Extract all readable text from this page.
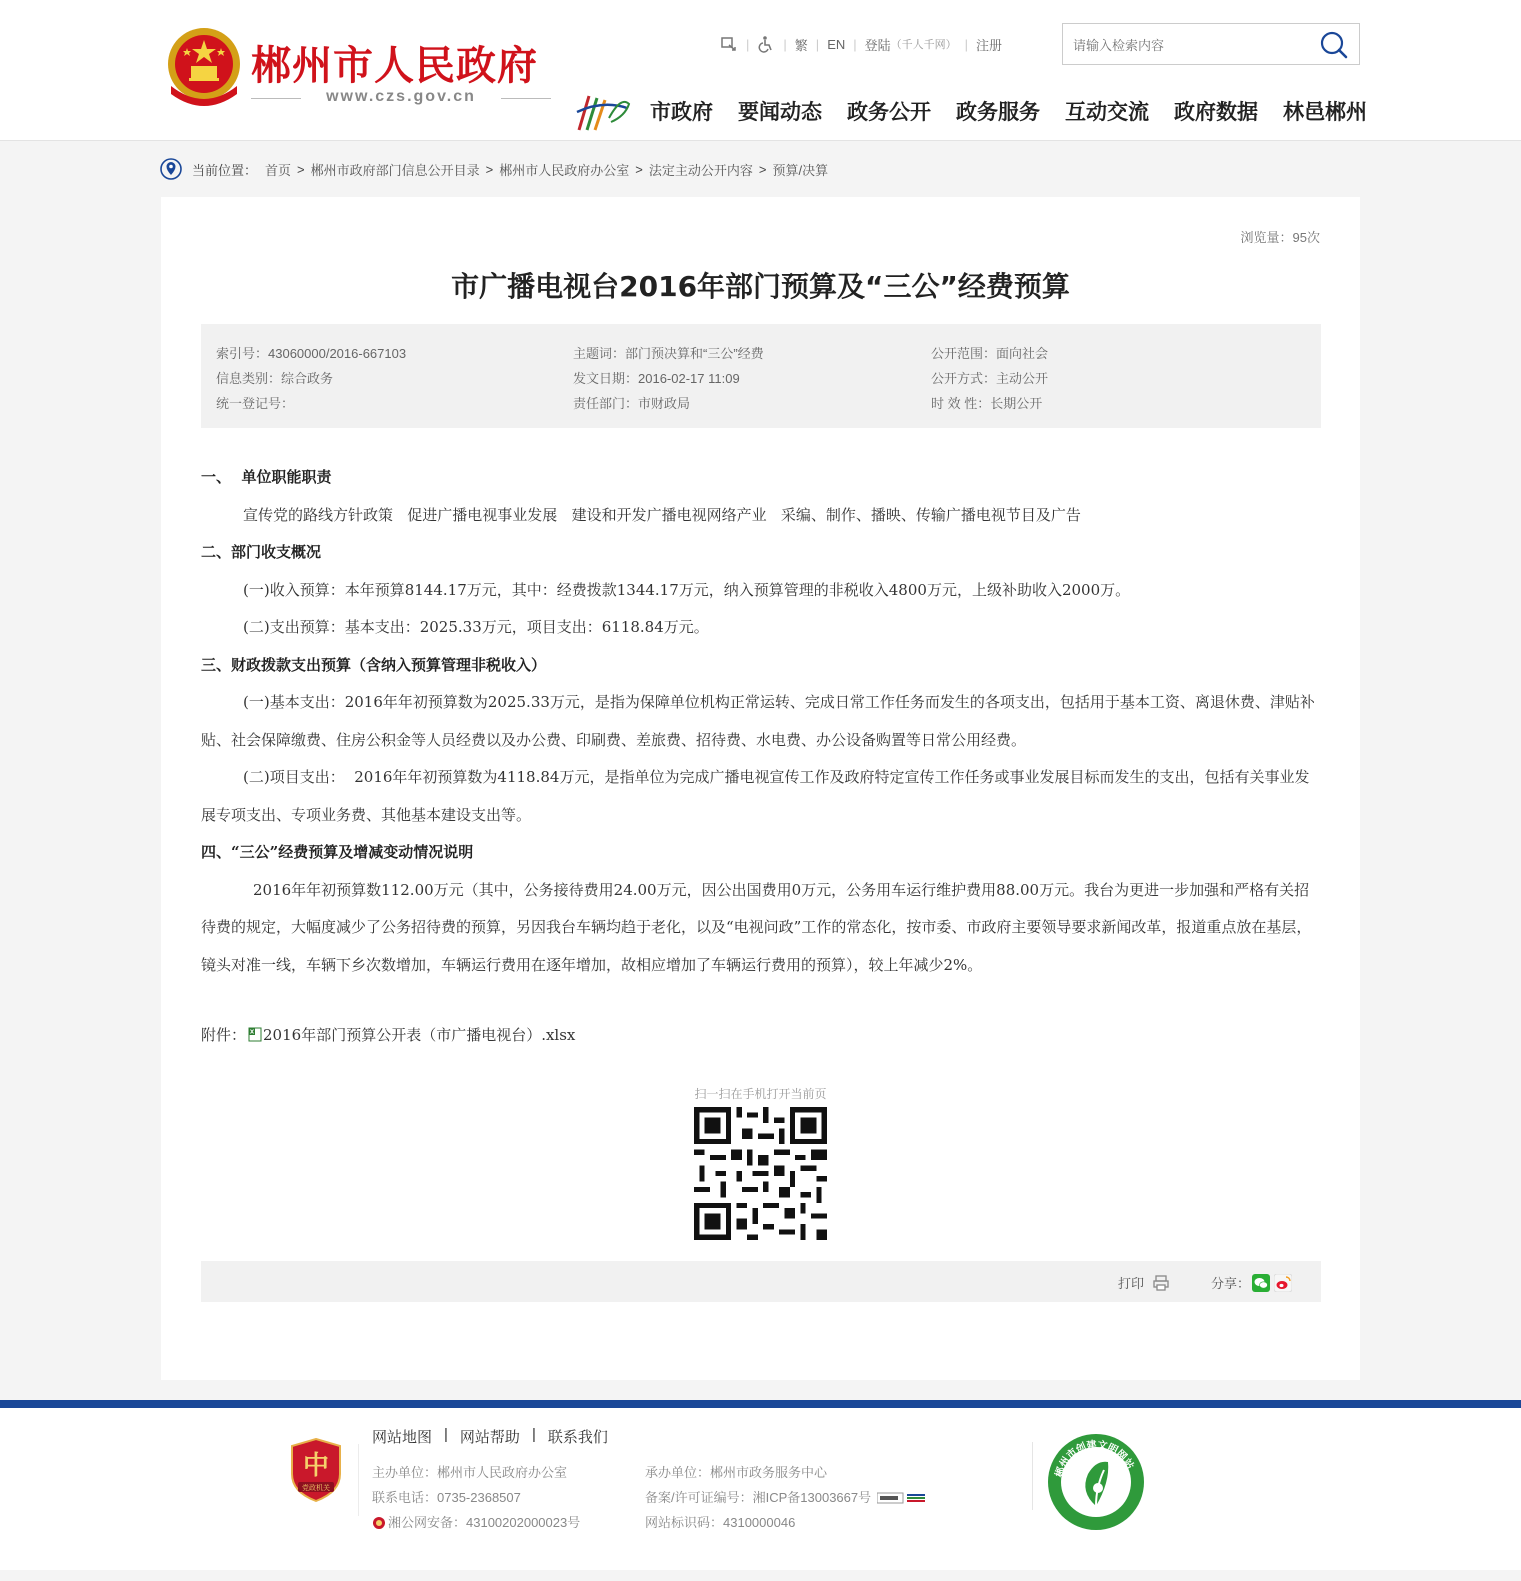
郴州市人民政府
www.czs.gov.cn
|	| 繁 | EN | 登陆 （千人千网） | 注册
请输入检索内容
市政府 要闻动态 政务公开 政务服务 互动交流 政府数据 林邑郴州
当前位置： 首页 > 郴州市政府部门信息公开目录 > 郴州市人民政府办公室 > 法定主动公开内容 > 预算/决算
浏览量：95次
市广播电视台2016年部门预算及“三公”经费预算
索引号：43060000/2016-667103
信息类别：综合政务
统一登记号：
主题词：部门预决算和“三公”经费
发文日期：2016-02-17 11:09
责任部门：市财政局
公开范围：面向社会
公开方式：主动公开
时 效 性：长期公开

一、  单位职能职责

宣传党的路线方针政策   促进广播电视事业发展   建设和开发广播电视网络产业   采编、制作、播映、传输广播电视节目及广告

二、部门收支概况

(一)收入预算：本年预算8144.17万元，其中：经费拨款1344.17万元，纳入预算管理的非税收入4800万元，上级补助收入2000万。

(二)支出预算：基本支出：2025.33万元，项目支出：6118.84万元。

三、财政拨款支出预算（含纳入预算管理非税收入）

(一)基本支出：2016年年初预算数为2025.33万元，是指为保障单位机构正常运转、完成日常工作任务而发生的各项支出，包括用于基本工资、离退休费、津贴补贴、社会保障缴费、住房公积金等人员经费以及办公费、印刷费、差旅费、招待费、水电费、办公设备购置等日常公用经费。

(二)项目支出：  2016年年初预算数为4118.84万元，是指单位为完成广播电视宣传工作及政府特定宣传工作任务或事业发展目标而发生的支出，包括有关事业发展专项支出、专项业务费、其他基本建设支出等。

四、“三公”经费预算及增减变动情况说明

2016年年初预算数112.00万元（其中，公务接待费用24.00万元，因公出国费用0万元，公务用车运行维护费用88.00万元。我台为更进一步加强和严格有关招待费的规定，大幅度减少了公务招待费的预算，另因我台车辆均趋于老化，以及“电视问政”工作的常态化，按市委、市政府主要领导要求新闻改革，报道重点放在基层，镜头对准一线，车辆下乡次数增加，车辆运行费用在逐年增加，故相应增加了车辆运行费用的预算），较上年减少2%。

附件： 2016年部门预算公开表（市广播电视台）.xlsx
扫一扫在手机打开当前页
打印	分享：
中
党政机关
网站地图 | 网站帮助 | 联系我们
主办单位：郴州市人民政府办公室
联系电话：0735-2368507
湘公网安备：43100202000023号
承办单位：郴州市政务服务中心
备案/许可证编号：湘ICP备13003667号
网站标识码：4310000046
郴州市创建文明网站
